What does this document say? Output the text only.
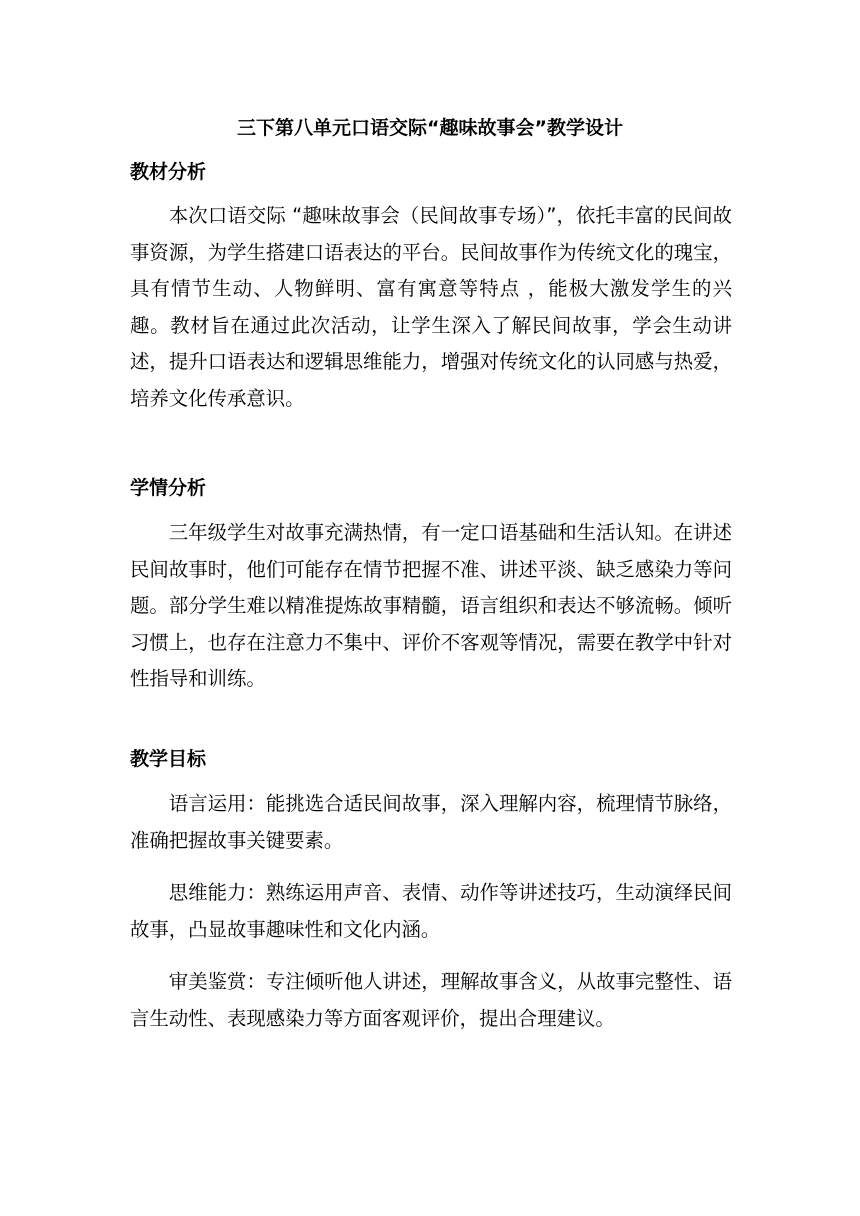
三下第八单元口语交际“趣味故事会”教学设计
教材分析

本次口语交际 “趣味故事会（民间故事专场）”，依托丰富的民间故事资源，为学生搭建口语表达的平台。民间故事作为传统文化的瑰宝，具有情节生动、人物鲜明、富有寓意等特点 ，能极大激发学生的兴趣。教材旨在通过此次活动，让学生深入了解民间故事，学会生动讲述，提升口语表达和逻辑思维能力，增强对传统文化的认同感与热爱，培养文化传承意识。

学情分析

三年级学生对故事充满热情，有一定口语基础和生活认知。在讲述民间故事时，他们可能存在情节把握不准、讲述平淡、缺乏感染力等问题。部分学生难以精准提炼故事精髓，语言组织和表达不够流畅。倾听习惯上，也存在注意力不集中、评价不客观等情况，需要在教学中针对性指导和训练。

教学目标

语言运用：能挑选合适民间故事，深入理解内容，梳理情节脉络，准确把握故事关键要素。

思维能力：熟练运用声音、表情、动作等讲述技巧，生动演绎民间故事，凸显故事趣味性和文化内涵。

审美鉴赏：专注倾听他人讲述，理解故事含义，从故事完整性、语言生动性、表现感染力等方面客观评价，提出合理建议。
